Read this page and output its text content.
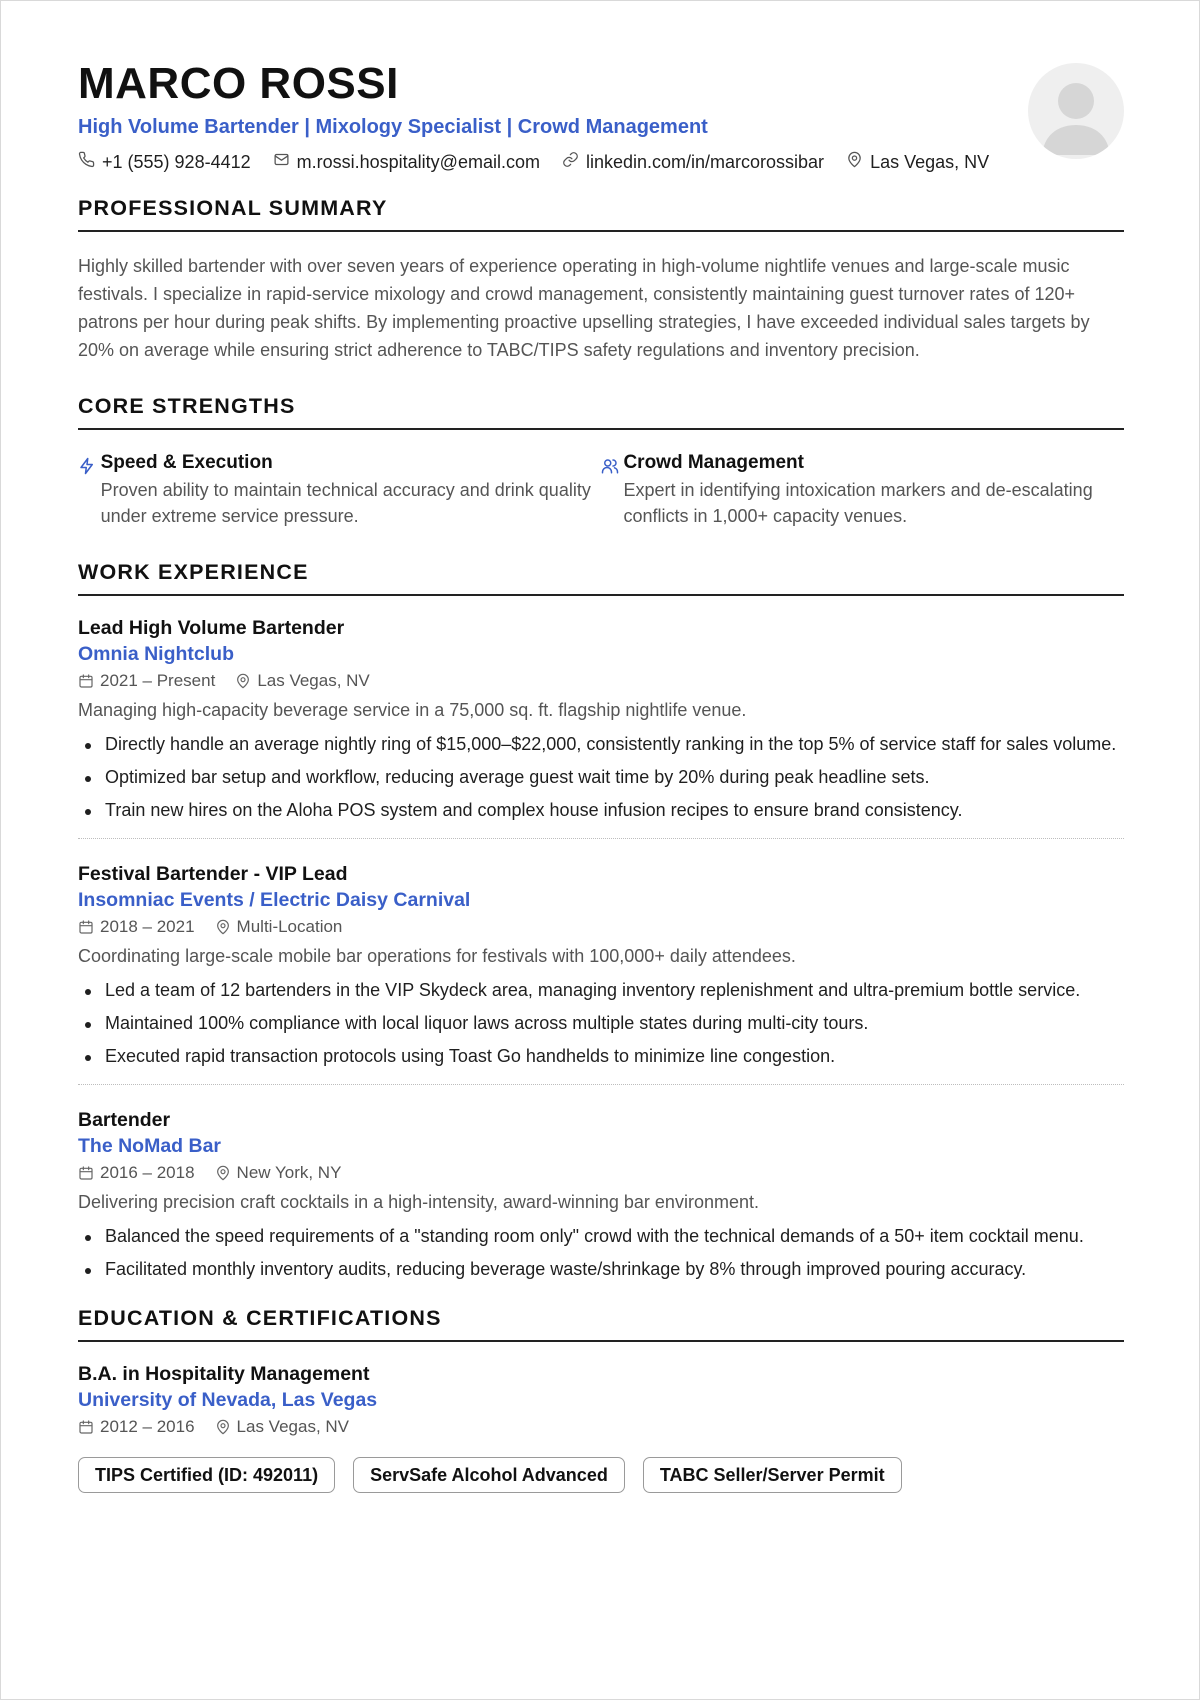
MARCO ROSSI
High Volume Bartender | Mixology Specialist | Crowd Management
+1 (555) 928-4412	m.rossi.hospitality@email.com	linkedin.com/in/marcorossibar	Las Vegas, NV
PROFESSIONAL SUMMARY

Highly skilled bartender with over seven years of experience operating in high-volume nightlife venues and large-scale music festivals. I specialize in rapid-service mixology and crowd management, consistently maintaining guest turnover rates of 120+ patrons per hour during peak shifts. By implementing proactive upselling strategies, I have exceeded individual sales targets by 20% on average while ensuring strict adherence to TABC/TIPS safety regulations and inventory precision.

CORE STRENGTHS
Speed & Execution
Proven ability to maintain technical accuracy and drink quality under extreme service pressure.
Crowd Management
Expert in identifying intoxication markers and de-escalating conflicts in 1,000+ capacity venues.
WORK EXPERIENCE
Lead High Volume Bartender
Omnia Nightclub
2021 – Present Las Vegas, NV
Managing high-capacity beverage service in a 75,000 sq. ft. flagship nightlife venue.
Directly handle an average nightly ring of $15,000–$22,000, consistently ranking in the top 5% of service staff for sales volume.
Optimized bar setup and workflow, reducing average guest wait time by 20% during peak headline sets.
Train new hires on the Aloha POS system and complex house infusion recipes to ensure brand consistency.
Festival Bartender - VIP Lead
Insomniac Events / Electric Daisy Carnival
2018 – 2021 Multi-Location
Coordinating large-scale mobile bar operations for festivals with 100,000+ daily attendees.
Led a team of 12 bartenders in the VIP Skydeck area, managing inventory replenishment and ultra-premium bottle service.
Maintained 100% compliance with local liquor laws across multiple states during multi-city tours.
Executed rapid transaction protocols using Toast Go handhelds to minimize line congestion.
Bartender
The NoMad Bar
2016 – 2018 New York, NY
Delivering precision craft cocktails in a high-intensity, award-winning bar environment.
Balanced the speed requirements of a "standing room only" crowd with the technical demands of a 50+ item cocktail menu.
Facilitated monthly inventory audits, reducing beverage waste/shrinkage by 8% through improved pouring accuracy.
EDUCATION & CERTIFICATIONS
B.A. in Hospitality Management
University of Nevada, Las Vegas
2012 – 2016 Las Vegas, NV
TIPS Certified (ID: 492011)	ServSafe Alcohol Advanced	TABC Seller/Server Permit
